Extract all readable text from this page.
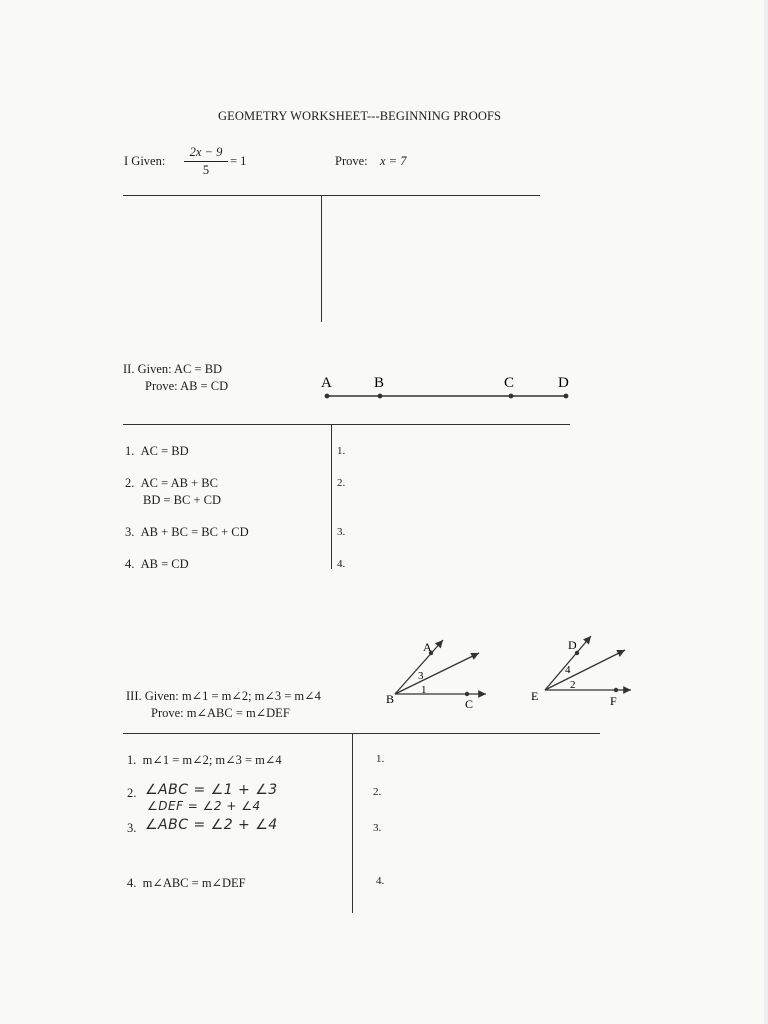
GEOMETRY WORKSHEET---BEGINNING PROOFS
I Given:
2x − 9
5
= 1	Prove: x = 7
II. Given: AC = BD
Prove: AB = CD	A	B	C	D
1. AC = BD
2. AC = AB + BC
BD = BC + CD
3. AB + BC = BC + CD
4. AB = CD
1.
2.
3.
4.
III. Given: m∠1 = m∠2; m∠3 = m∠4
Prove: m∠ABC = m∠DEF
A
B	C
3
1
D
E	F
4
2
1. m∠1 = m∠2; m∠3 = m∠4
2. ∠ABC = ∠1 + ∠3
∠DEF = ∠2 + ∠4
3. ∠ABC = ∠2 + ∠4
4. m∠ABC = m∠DEF
1.
2.
3.
4.
